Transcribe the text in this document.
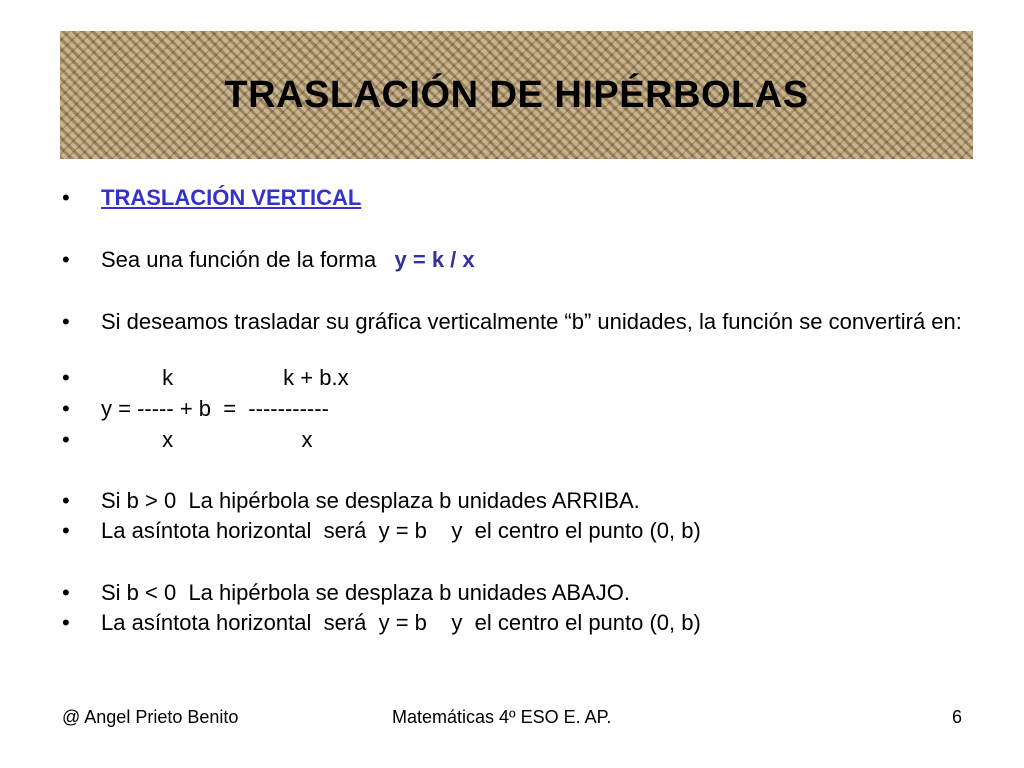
TRASLACIÓN DE HIPÉRBOLAS

•

TRASLACIÓN VERTICAL

•

Sea una función de la forma   y = k / x

•

Si deseamos trasladar su gráfica verticalmente “b” unidades, la función se convertirá en:

•

k                  k + b.x

•

y = ----- + b  =  -----------

•

x                     x

•

Si b > 0  La hipérbola se desplaza b unidades ARRIBA.

•

La asíntota horizontal  será  y = b    y  el centro el punto (0, b)

•

Si b < 0  La hipérbola se desplaza b unidades ABAJO.

•

La asíntota horizontal  será  y = b    y  el centro el punto (0, b)

@ Angel Prieto Benito	Matemáticas 4º ESO E. AP.	6
